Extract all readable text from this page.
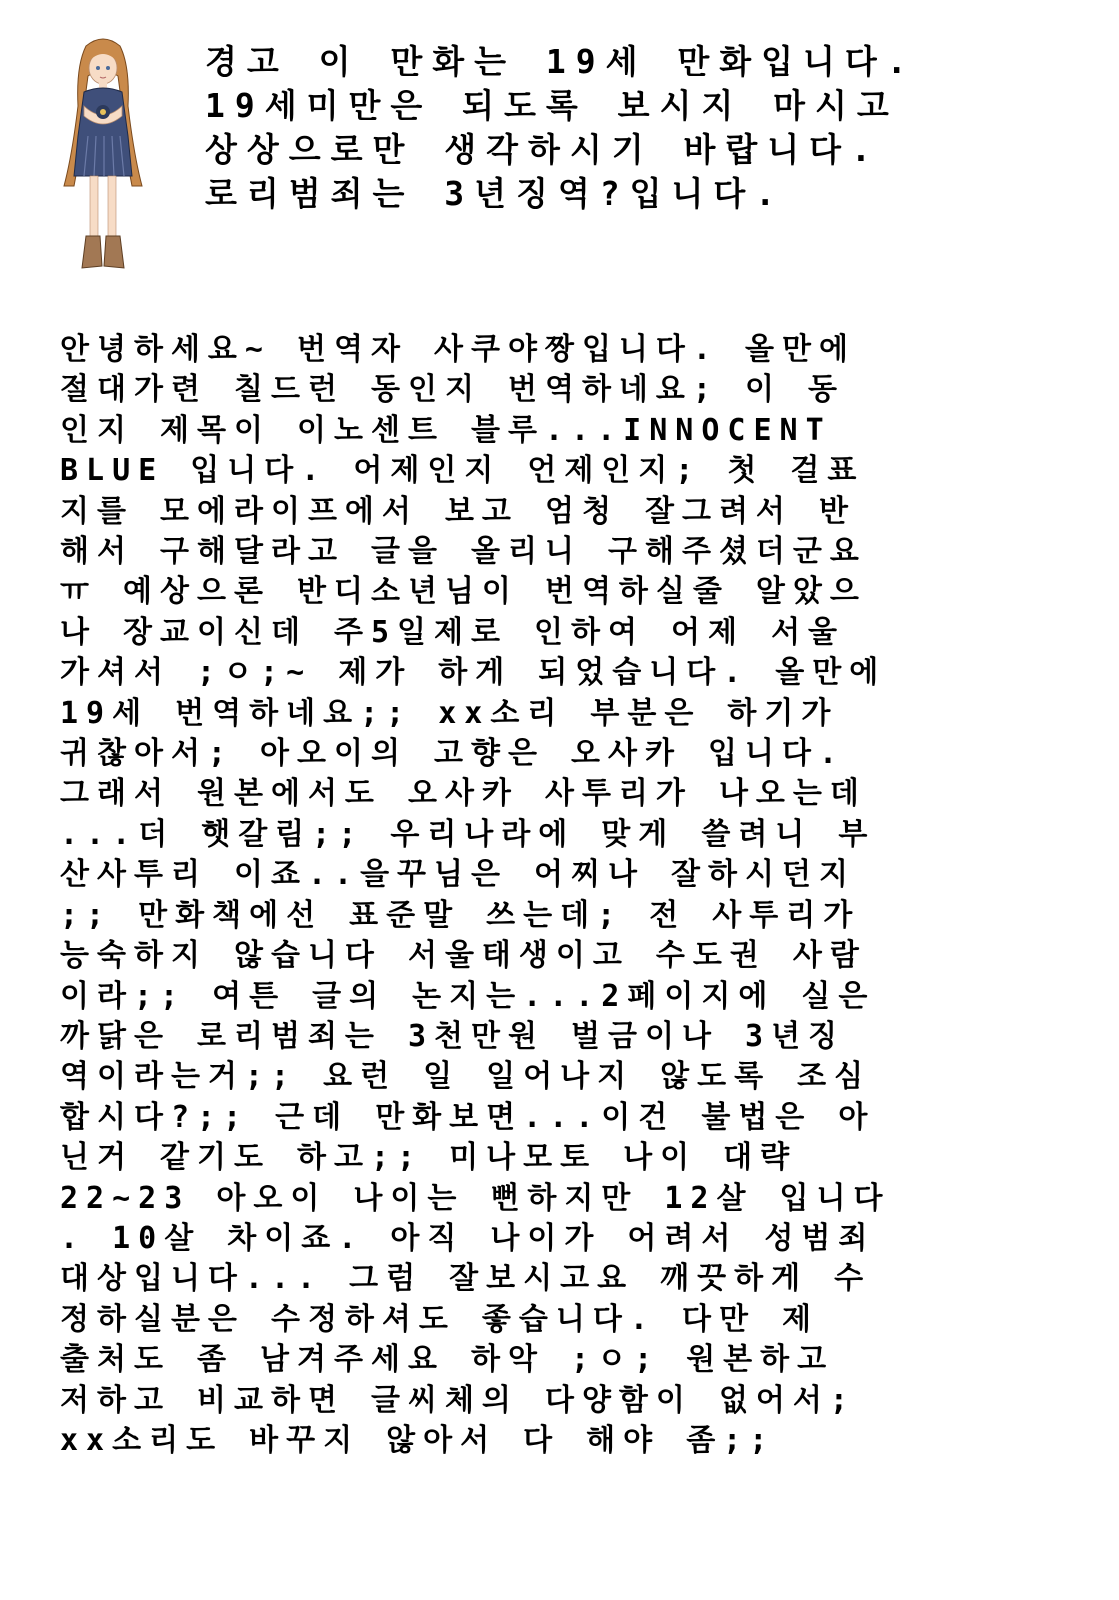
경고 이 만화는 19세 만화입니다.
19세미만은 되도록 보시지 마시고
상상으로만 생각하시기 바랍니다.
로리범죄는 3년징역?입니다.
안녕하세요~ 번역자 사쿠야짱입니다. 올만에
절대가련 칠드런 동인지 번역하네요; 이 동
인지 제목이 이노센트 블루...INNOCENT
BLUE 입니다. 어제인지 언제인지; 첫 걸표
지를 모에라이프에서 보고 엄청 잘그려서 반
해서 구해달라고 글을 올리니 구해주셨더군요
ㅠ 예상으론 반디소년님이 번역하실줄 알았으
나 장교이신데 주5일제로 인하여 어제 서울
가셔서 ;ㅇ;~ 제가 하게 되었습니다. 올만에
19세 번역하네요;; xx소리 부분은 하기가
귀찮아서; 아오이의 고향은 오사카 입니다.
그래서 원본에서도 오사카 사투리가 나오는데
...더 햇갈림;; 우리나라에 맞게 쓸려니 부
산사투리 이죠..을꾸님은 어찌나 잘하시던지
;; 만화책에선 표준말 쓰는데; 전 사투리가
능숙하지 않습니다 서울태생이고 수도권 사람
이라;; 여튼 글의 논지는...2페이지에 실은
까닭은 로리범죄는 3천만원 벌금이나 3년징
역이라는거;; 요런 일 일어나지 않도록 조심
합시다?;; 근데 만화보면...이건 불법은 아
닌거 같기도 하고;; 미나모토 나이 대략
22~23 아오이 나이는 뻔하지만 12살 입니다
. 10살 차이죠. 아직 나이가 어려서 성범죄
대상입니다... 그럼 잘보시고요 깨끗하게 수
정하실분은 수정하셔도 좋습니다. 다만 제
출처도 좀 남겨주세요 하악 ;ㅇ; 원본하고
저하고 비교하면 글씨체의 다양함이 없어서;
xx소리도 바꾸지 않아서 다 해야 좀;;
